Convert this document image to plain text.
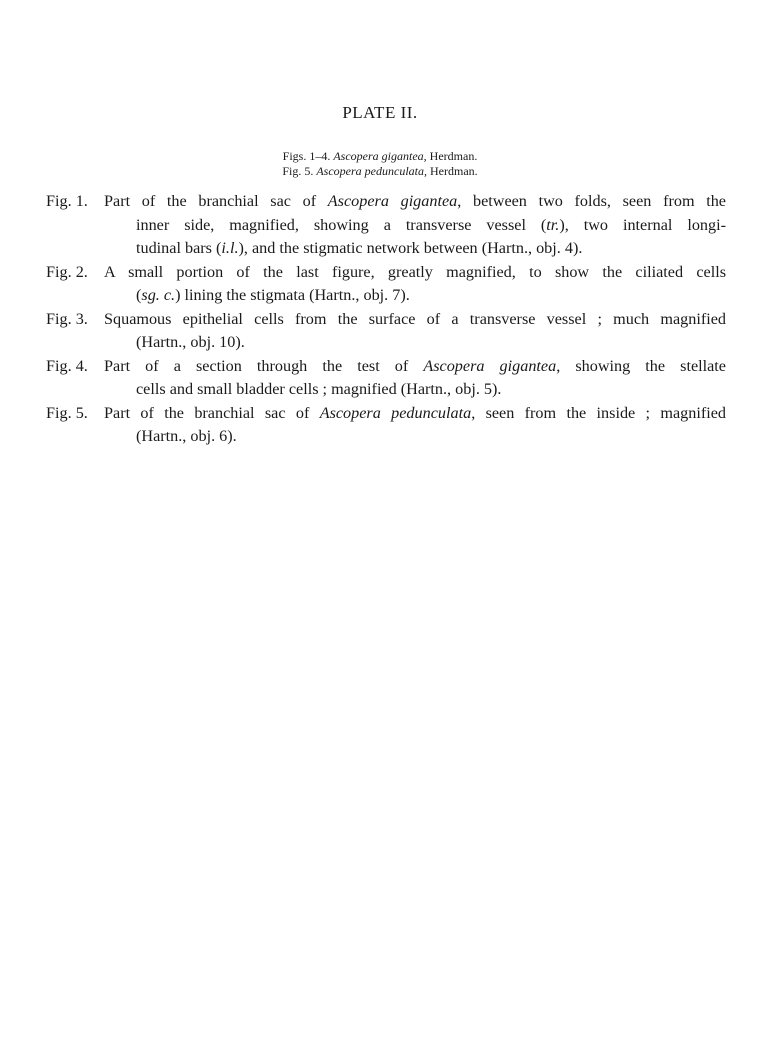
PLATE II.
Figs. 1–4. Ascopera gigantea, Herdman.
Fig. 5. Ascopera pedunculata, Herdman.
Fig. 1. Part of the branchial sac of Ascopera gigantea, between two folds, seen from the
inner side, magnified, showing a transverse vessel (tr.), two internal longi-
tudinal bars (i.l.), and the stigmatic network between (Hartn., obj. 4).
Fig. 2. A small portion of the last figure, greatly magnified, to show the ciliated cells
(sg. c.) lining the stigmata (Hartn., obj. 7).
Fig. 3. Squamous epithelial cells from the surface of a transverse vessel ; much magnified
(Hartn., obj. 10).
Fig. 4. Part of a section through the test of Ascopera gigantea, showing the stellate
cells and small bladder cells ; magnified (Hartn., obj. 5).
Fig. 5. Part of the branchial sac of Ascopera pedunculata, seen from the inside ; magnified
(Hartn., obj. 6).
